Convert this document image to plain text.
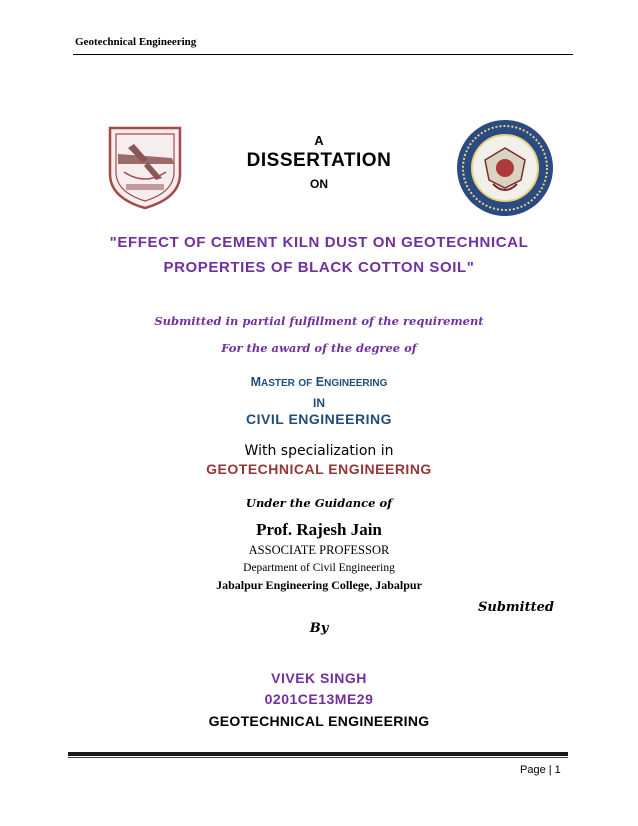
Geotechnical Engineering
A
DISSERTATION
ON
"EFFECT OF CEMENT KILN DUST ON GEOTECHNICAL PROPERTIES OF BLACK COTTON SOIL"
Submitted in partial fulfillment of the requirement
For the award of the degree of
MASTER OF ENGINEERING
IN
CIVIL ENGINEERING
With specialization in
GEOTECHNICAL ENGINEERING
Under the Guidance of
Prof. Rajesh Jain
ASSOCIATE PROFESSOR
Department of Civil Engineering
Jabalpur Engineering College, Jabalpur
Submitted
By
VIVEK SINGH
0201CE13ME29
GEOTECHNICAL ENGINEERING
Page | 1
